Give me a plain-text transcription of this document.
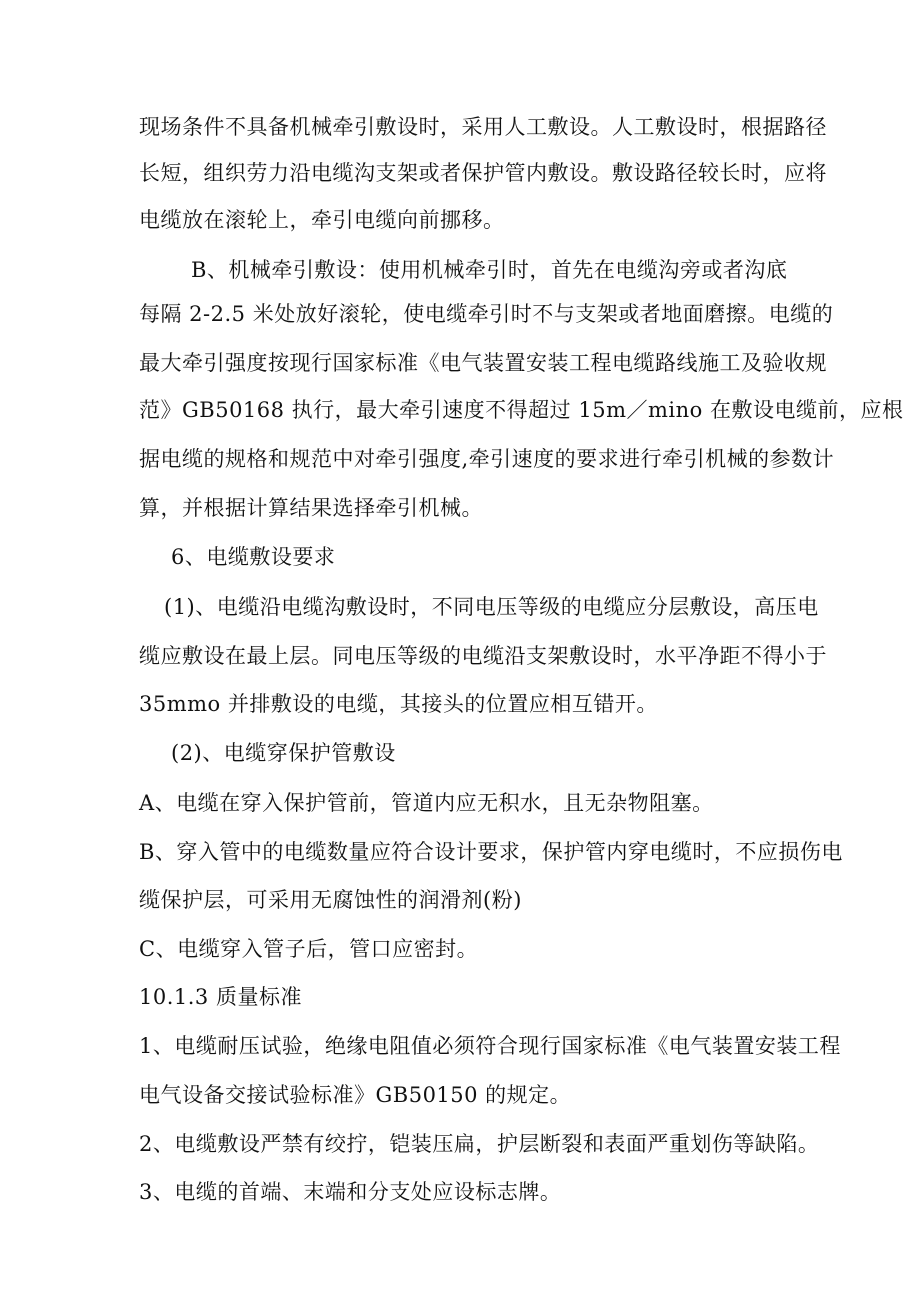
现场条件不具备机械牵引敷设时，采用人工敷设。人工敷设时，根据路径
长短，组织劳力沿电缆沟支架或者保护管内敷设。敷设路径较长时，应将
电缆放在滚轮上，牵引电缆向前挪移。
B、机械牵引敷设：使用机械牵引时，首先在电缆沟旁或者沟底
每隔 2-2.5 米处放好滚轮，使电缆牵引时不与支架或者地面磨擦。电缆的
最大牵引强度按现行国家标准《电气装置安装工程电缆路线施工及验收规
范》GB50168 执行，最大牵引速度不得超过 15m／mino 在敷设电缆前，应根
据电缆的规格和规范中对牵引强度,牵引速度的要求进行牵引机械的参数计
算，并根据计算结果选择牵引机械。
6、电缆敷设要求
(1)、电缆沿电缆沟敷设时，不同电压等级的电缆应分层敷设，高压电
缆应敷设在最上层。同电压等级的电缆沿支架敷设时，水平净距不得小于
35mmo 并排敷设的电缆，其接头的位置应相互错开。
(2)、电缆穿保护管敷设
A、电缆在穿入保护管前，管道内应无积水，且无杂物阻塞。
B、穿入管中的电缆数量应符合设计要求，保护管内穿电缆时，不应损伤电
缆保护层，可采用无腐蚀性的润滑剂(粉)
C、电缆穿入管子后，管口应密封。
10.1.3 质量标准
1、电缆耐压试验，绝缘电阻值必须符合现行国家标准《电气装置安装工程
电气设备交接试验标准》GB50150 的规定。
2、电缆敷设严禁有绞拧，铠装压扁，护层断裂和表面严重划伤等缺陷。
3、电缆的首端、末端和分支处应设标志牌。
